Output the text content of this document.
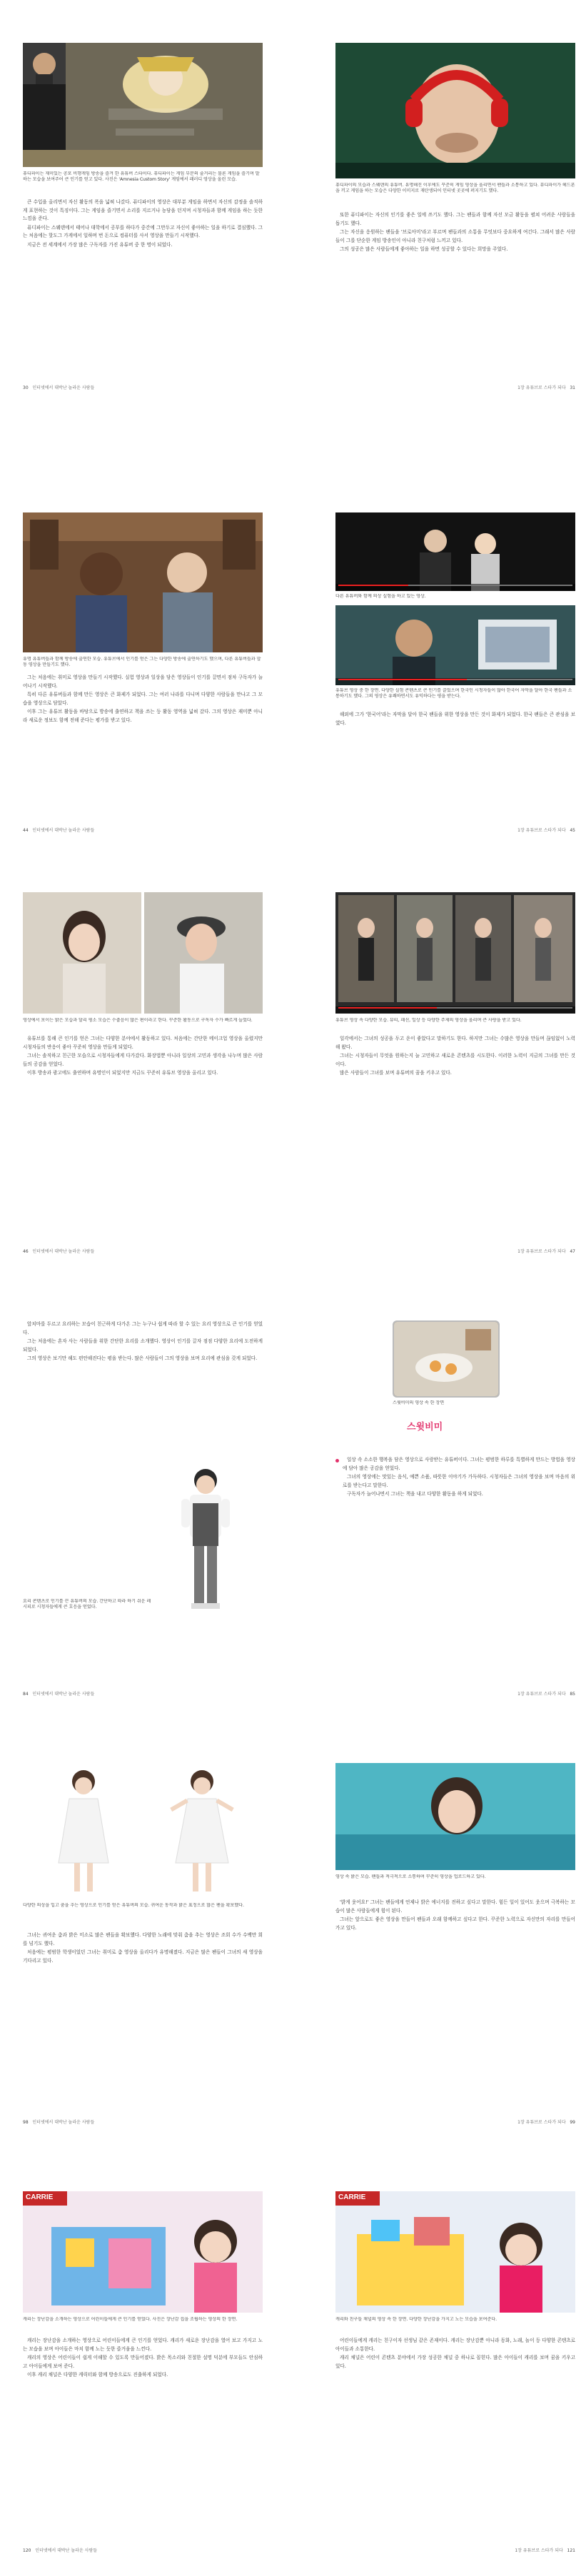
퓨디파이는 재미있는 공포 비행게임 방송을 즐겨 한 유튜버 스타이다. 퓨디파이는 게임 부분의 줄거리는 물론 게임을 즐기며 말하는 모습을 보여주어 큰 인기를 얻고 있다. 사진은 'Amnesia Custom Story' 게임에서 패러디 영상을 올린 모습.

큰 수입을 올리면서 자신 활동의 폭을 넓혀 나갔다. 퓨디파이의 영상은 대부분 게임을 하면서 자신의 감정을 솔직하게 표현하는 것이 특징이다. 그는 게임을 즐기면서 소리를 지르거나 농담을 던지며 시청자들과 함께 게임을 하는 듯한 느낌을 준다.

퓨디파이는 스웨덴에서 태어나 대학에서 공부를 하다가 중간에 그만두고 자신이 좋아하는 일을 하기로 결심했다. 그는 처음에는 핫도그 가게에서 일하며 번 돈으로 컴퓨터를 사서 영상을 만들기 시작했다.

지금은 전 세계에서 가장 많은 구독자를 가진 유튜버 중 한 명이 되었다.

30 인터넷에서 대박난 놀라운 사람들

퓨디파이의 모습과 스웨덴의 유튜버. 유명해진 이후에도 꾸준히 게임 영상을 올리면서 팬들과 소통하고 있다. 퓨디파이가 헤드폰을 끼고 게임을 하는 모습은 다양한 이미지로 재탄생되어 인터넷 곳곳에 퍼지기도 했다.

또한 퓨디파이는 자신의 인기를 좋은 일에 쓰기도 했다. 그는 팬들과 함께 자선 모금 활동을 펼쳐 어려운 사람들을 돕기도 했다.

그는 자신을 응원하는 팬들을 '브로아미'라고 부르며 팬들과의 소통을 무엇보다 중요하게 여긴다. 그래서 많은 사람들이 그를 단순한 게임 방송인이 아니라 친구처럼 느끼고 있다.

그의 성공은 많은 사람들에게 좋아하는 일을 하면 성공할 수 있다는 희망을 주었다.

1장 유튜브로 스타가 되다 31

유명 유튜버들과 함께 방송에 출연한 모습. 유튜브에서 인기를 얻은 그는 다양한 방송에 출연하기도 했으며, 다른 유튜버들과 합동 영상을 만들기도 했다.

그는 처음에는 취미로 영상을 만들기 시작했다. 실험 영상과 일상을 담은 영상들이 인기를 끌면서 점차 구독자가 늘어나기 시작했다.

특히 다른 유튜버들과 함께 만든 영상은 큰 화제가 되었다. 그는 여러 나라를 다니며 다양한 사람들을 만나고 그 모습을 영상으로 담았다.

이후 그는 유튜브 활동을 바탕으로 방송에 출연하고 책을 쓰는 등 활동 영역을 넓혀 갔다. 그의 영상은 재미뿐 아니라 새로운 정보도 함께 전해 준다는 평가를 받고 있다.

44 인터넷에서 대박난 놀라운 사람들

다른 유튜버와 함께 의상 실험을 하고 있는 영상.

유튜브 영상 중 한 장면. 다양한 실험 콘텐츠로 큰 인기를 끌었으며 한국인 시청자들이 많아 한국어 자막을 달아 한국 팬들과 소통하기도 했다. 그의 영상은 유쾌하면서도 유익하다는 평을 받는다.

해외에 그가 '한국어'라는 자막을 달아 한국 팬들을 위한 영상을 만든 것이 화제가 되었다. 한국 팬들은 큰 관심을 보였다.

1장 유튜브로 스타가 되다 45

영상에서 보이는 밝은 모습과 달리 평소 모습은 수줍음이 많은 편이라고 한다. 꾸준한 활동으로 구독자 수가 빠르게 늘었다.

유튜브를 통해 큰 인기를 얻은 그녀는 다양한 분야에서 활동하고 있다. 처음에는 간단한 메이크업 영상을 올렸지만 시청자들의 반응이 좋아 꾸준히 영상을 만들게 되었다.

그녀는 솔직하고 친근한 모습으로 시청자들에게 다가갔다. 화장법뿐 아니라 일상의 고민과 생각을 나누며 많은 사람들의 공감을 얻었다.

이후 방송과 광고에도 출연하며 유명인이 되었지만 지금도 꾸준히 유튜브 영상을 올리고 있다.

46 인터넷에서 대박난 놀라운 사람들

유튜브 영상 속 다양한 모습. 뷰티, 패션, 일상 등 다양한 주제의 영상을 올리며 큰 사랑을 받고 있다.

일각에서는 그녀의 성공을 두고 운이 좋았다고 말하기도 한다. 하지만 그녀는 수많은 영상을 만들며 끊임없이 노력해 왔다.

그녀는 시청자들이 무엇을 원하는지 늘 고민하고 새로운 콘텐츠를 시도한다. 이러한 노력이 지금의 그녀를 만든 것이다.

많은 사람들이 그녀를 보며 유튜버의 꿈을 키우고 있다.

1장 유튜브로 스타가 되다 47

앞치마를 두르고 요리하는 모습이 친근하게 다가온 그는 누구나 쉽게 따라 할 수 있는 요리 영상으로 큰 인기를 얻었다.

그는 처음에는 혼자 사는 사람들을 위한 간단한 요리를 소개했다. 영상이 인기를 끌자 점점 다양한 요리에 도전하게 되었다.

그의 영상은 보기만 해도 편안해진다는 평을 받는다. 많은 사람들이 그의 영상을 보며 요리에 관심을 갖게 되었다.

요리 콘텐츠로 인기를 끈 유튜버의 모습. 간단하고 따라 하기 쉬운 레시피로 시청자들에게 큰 호응을 얻었다.

84 인터넷에서 대박난 놀라운 사람들

스윗비미의 영상 속 한 장면

스윗비미

일상 속 소소한 행복을 담은 영상으로 사랑받는 유튜버이다. 그녀는 평범한 하루를 특별하게 만드는 방법을 영상에 담아 많은 공감을 얻었다.

그녀의 영상에는 맛있는 음식, 예쁜 소품, 따뜻한 이야기가 가득하다. 시청자들은 그녀의 영상을 보며 마음의 위로를 받는다고 말한다.

구독자가 늘어나면서 그녀는 책을 내고 다양한 활동을 하게 되었다.

1장 유튜브로 스타가 되다 85

다양한 의상을 입고 춤을 추는 영상으로 인기를 얻은 유튜버의 모습. 귀여운 동작과 밝은 표정으로 많은 팬을 확보했다.

그녀는 귀여운 춤과 밝은 미소로 많은 팬들을 확보했다. 다양한 노래에 맞춰 춤을 추는 영상은 조회 수가 수백만 회를 넘기도 했다.

처음에는 평범한 학생이었던 그녀는 취미로 춤 영상을 올리다가 유명해졌다. 지금은 많은 팬들이 그녀의 새 영상을 기다리고 있다.

98 인터넷에서 대박난 놀라운 사람들

영상 속 밝은 모습. 팬들과 적극적으로 소통하며 꾸준히 영상을 업로드하고 있다.

'밝게 웃어요!' 그녀는 팬들에게 언제나 밝은 에너지를 전하고 싶다고 말한다. 힘든 일이 있어도 웃으며 극복하는 모습이 많은 사람들에게 힘이 된다.

그녀는 앞으로도 좋은 영상을 만들어 팬들과 오래 함께하고 싶다고 한다. 꾸준한 노력으로 자신만의 자리를 만들어 가고 있다.

1장 유튜브로 스타가 되다 99
CARRIE

캐리는 장난감을 소개하는 영상으로 어린이들에게 큰 인기를 얻었다. 사진은 장난감 집을 조립하는 영상의 한 장면.

캐리는 장난감을 소개하는 영상으로 어린이들에게 큰 인기를 얻었다. 캐리가 새로운 장난감을 열어 보고 가지고 노는 모습을 보며 아이들은 마치 함께 노는 듯한 즐거움을 느낀다.

캐리의 영상은 어린이들이 쉽게 이해할 수 있도록 만들어졌다. 밝은 목소리와 친절한 설명 덕분에 부모들도 안심하고 아이들에게 보여 준다.

이후 캐리 채널은 다양한 캐릭터와 함께 방송으로도 진출하게 되었다.

120 인터넷에서 대박난 놀라운 사람들
CARRIE

캐리와 친구들 채널의 영상 속 한 장면. 다양한 장난감을 가지고 노는 모습을 보여준다.

어린이들에게 캐리는 친구이자 선생님 같은 존재이다. 캐리는 장난감뿐 아니라 동화, 노래, 놀이 등 다양한 콘텐츠로 아이들과 소통한다.

캐리 채널은 어린이 콘텐츠 분야에서 가장 성공한 채널 중 하나로 꼽힌다. 많은 아이들이 캐리를 보며 꿈을 키우고 있다.

1장 유튜브로 스타가 되다 121
